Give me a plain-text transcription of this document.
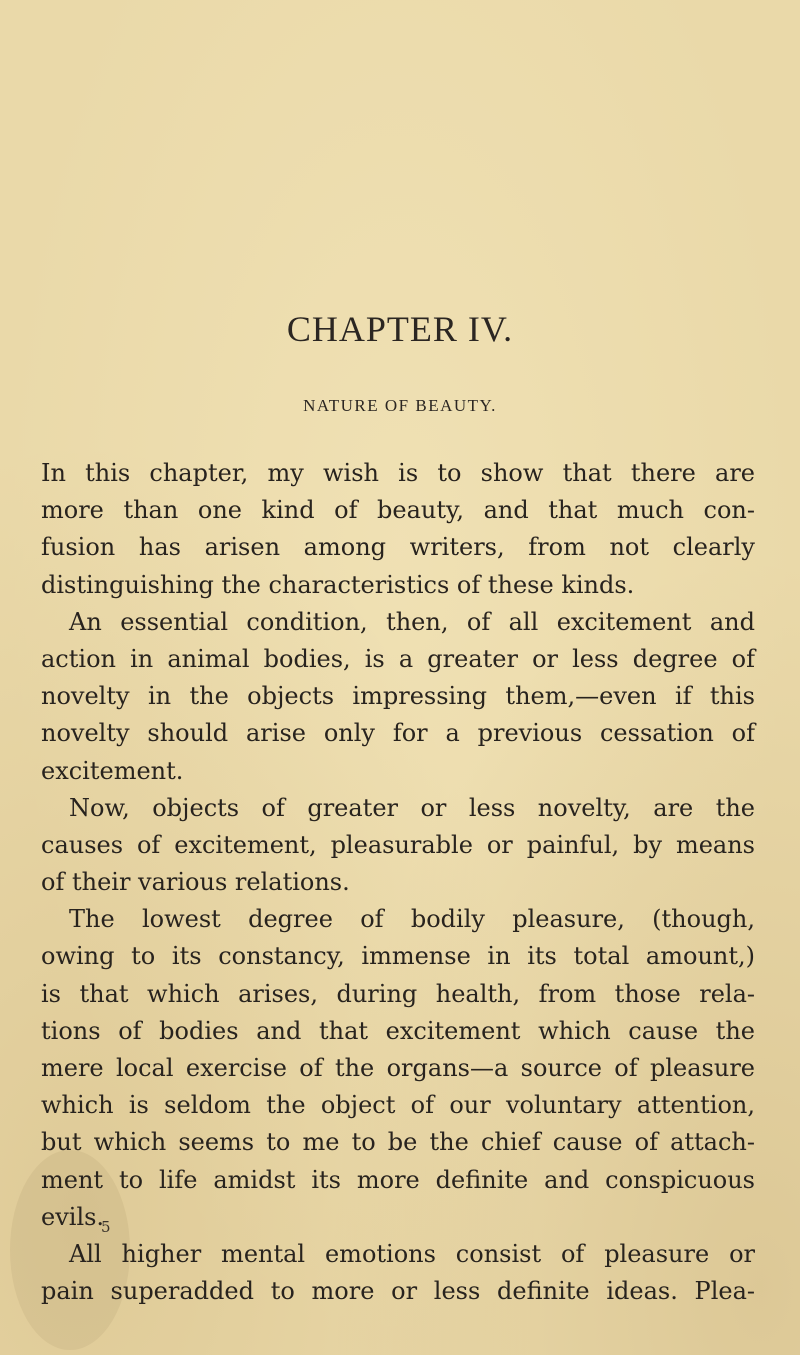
CHAPTER IV.
NATURE OF BEAUTY.
In this chapter, my wish is to show that there are
more than one kind of beauty, and that much con-
fusion has arisen among writers, from not clearly
distinguishing the characteristics of these kinds.
An essential condition, then, of all excitement and
action in animal bodies, is a greater or less degree of
novelty in the objects impressing them,—even if this
novelty should arise only for a previous cessation of
excitement.
Now, objects of greater or less novelty, are the
causes of excitement, pleasurable or painful, by means
of their various relations.
The lowest degree of bodily pleasure, (though,
owing to its constancy, immense in its total amount,)
is that which arises, during health, from those rela-
tions of bodies and that excitement which cause the
mere local exercise of the organs—a source of pleasure
which is seldom the object of our voluntary attention,
but which seems to me to be the chief cause of attach-
ment to life amidst its more definite and conspicuous
evils.
All higher mental emotions consist of pleasure or
pain superadded to more or less definite ideas. Plea-
5
